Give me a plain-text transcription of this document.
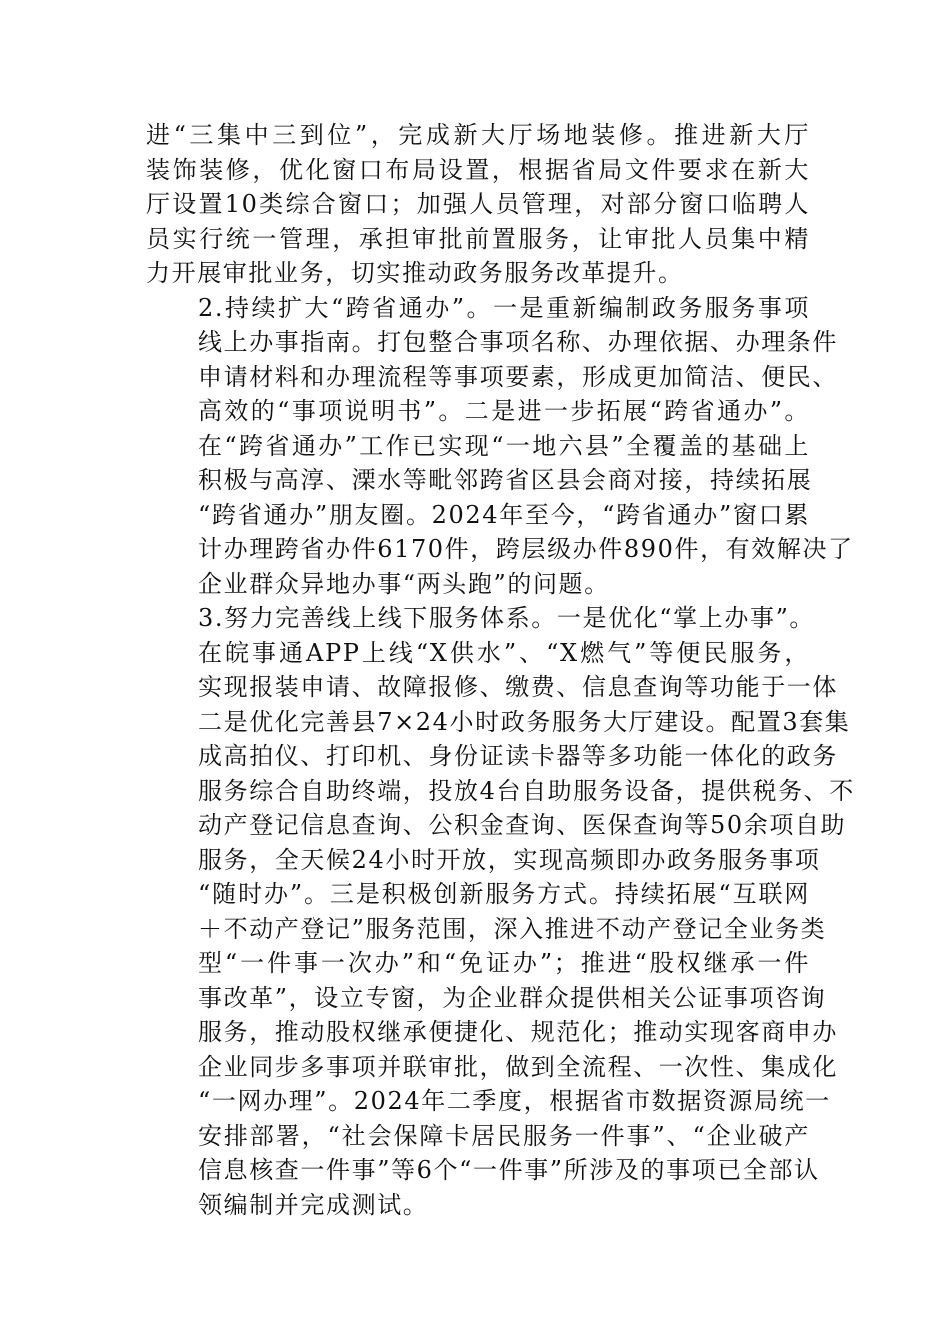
进“三集中三到位”，完成新大厅场地装修。推进新大厅
装饰装修，优化窗口布局设置，根据省局文件要求在新大
厅设置10类综合窗口；加强人员管理，对部分窗口临聘人
员实行统一管理，承担审批前置服务，让审批人员集中精
力开展审批业务，切实推动政务服务改革提升。

2.持续扩大“跨省通办”。一是重新编制政务服务事项
线上办事指南。打包整合事项名称、办理依据、办理条件
申请材料和办理流程等事项要素，形成更加简洁、便民、
高效的“事项说明书”。二是进一步拓展“跨省通办”。
在“跨省通办”工作已实现“一地六县”全覆盖的基础上
积极与高淳、溧水等毗邻跨省区县会商对接，持续拓展
“跨省通办”朋友圈。2024年至今，“跨省通办”窗口累
计办理跨省办件6170件，跨层级办件890件，有效解决了
企业群众异地办事“两头跑”的问题。

3.努力完善线上线下服务体系。一是优化“掌上办事”。
在皖事通APP上线“X供水”、“X燃气”等便民服务，
实现报装申请、故障报修、缴费、信息查询等功能于一体
二是优化完善县7×24小时政务服务大厅建设。配置3套集
成高拍仪、打印机、身份证读卡器等多功能一体化的政务
服务综合自助终端，投放4台自助服务设备，提供税务、不
动产登记信息查询、公积金查询、医保查询等50余项自助
服务，全天候24小时开放，实现高频即办政务服务事项
“随时办”。三是积极创新服务方式。持续拓展“互联网
＋不动产登记”服务范围，深入推进不动产登记全业务类
型“一件事一次办”和“免证办”；推进“股权继承一件
事改革”，设立专窗，为企业群众提供相关公证事项咨询
服务，推动股权继承便捷化、规范化；推动实现客商申办
企业同步多事项并联审批，做到全流程、一次性、集成化
“一网办理”。2024年二季度，根据省市数据资源局统一
安排部署，“社会保障卡居民服务一件事”、“企业破产
信息核查一件事”等6个“一件事”所涉及的事项已全部认
领编制并完成测试。
